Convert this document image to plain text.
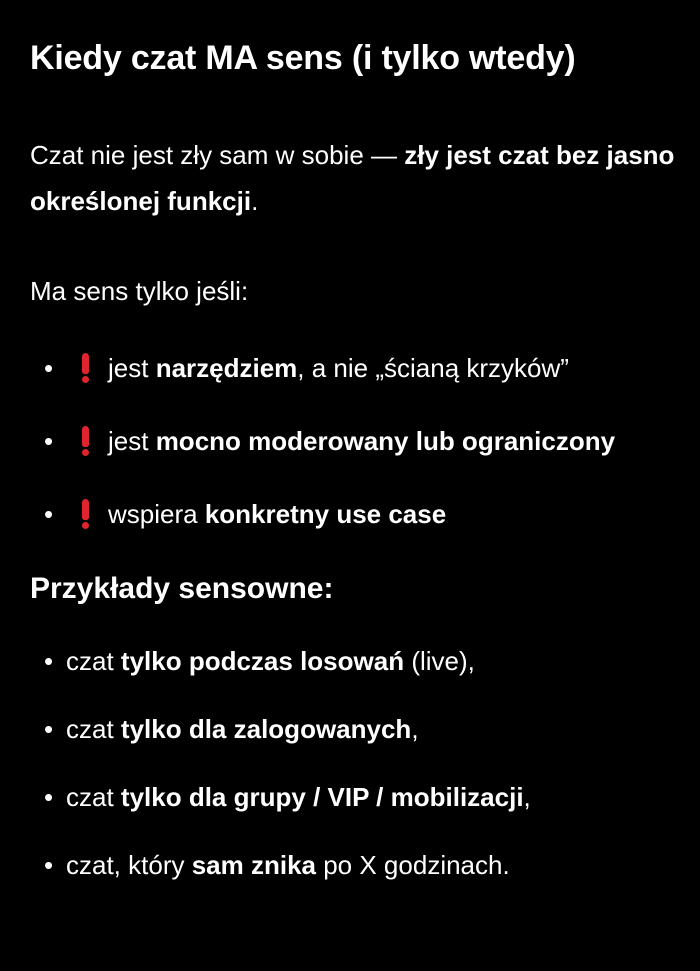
Kiedy czat MA sens (i tylko wtedy)

Czat nie jest zły sam w sobie — zły jest czat bez jasno określonej funkcji.

Ma sens tylko jeśli:

• jest narzędziem, a nie „ścianą krzyków”
• jest mocno moderowany lub ograniczony
• wspiera konkretny use case
Przykłady sensowne:
• czat tylko podczas losowań (live),
• czat tylko dla zalogowanych,
• czat tylko dla grupy / VIP / mobilizacji,
• czat, który sam znika po X godzinach.
